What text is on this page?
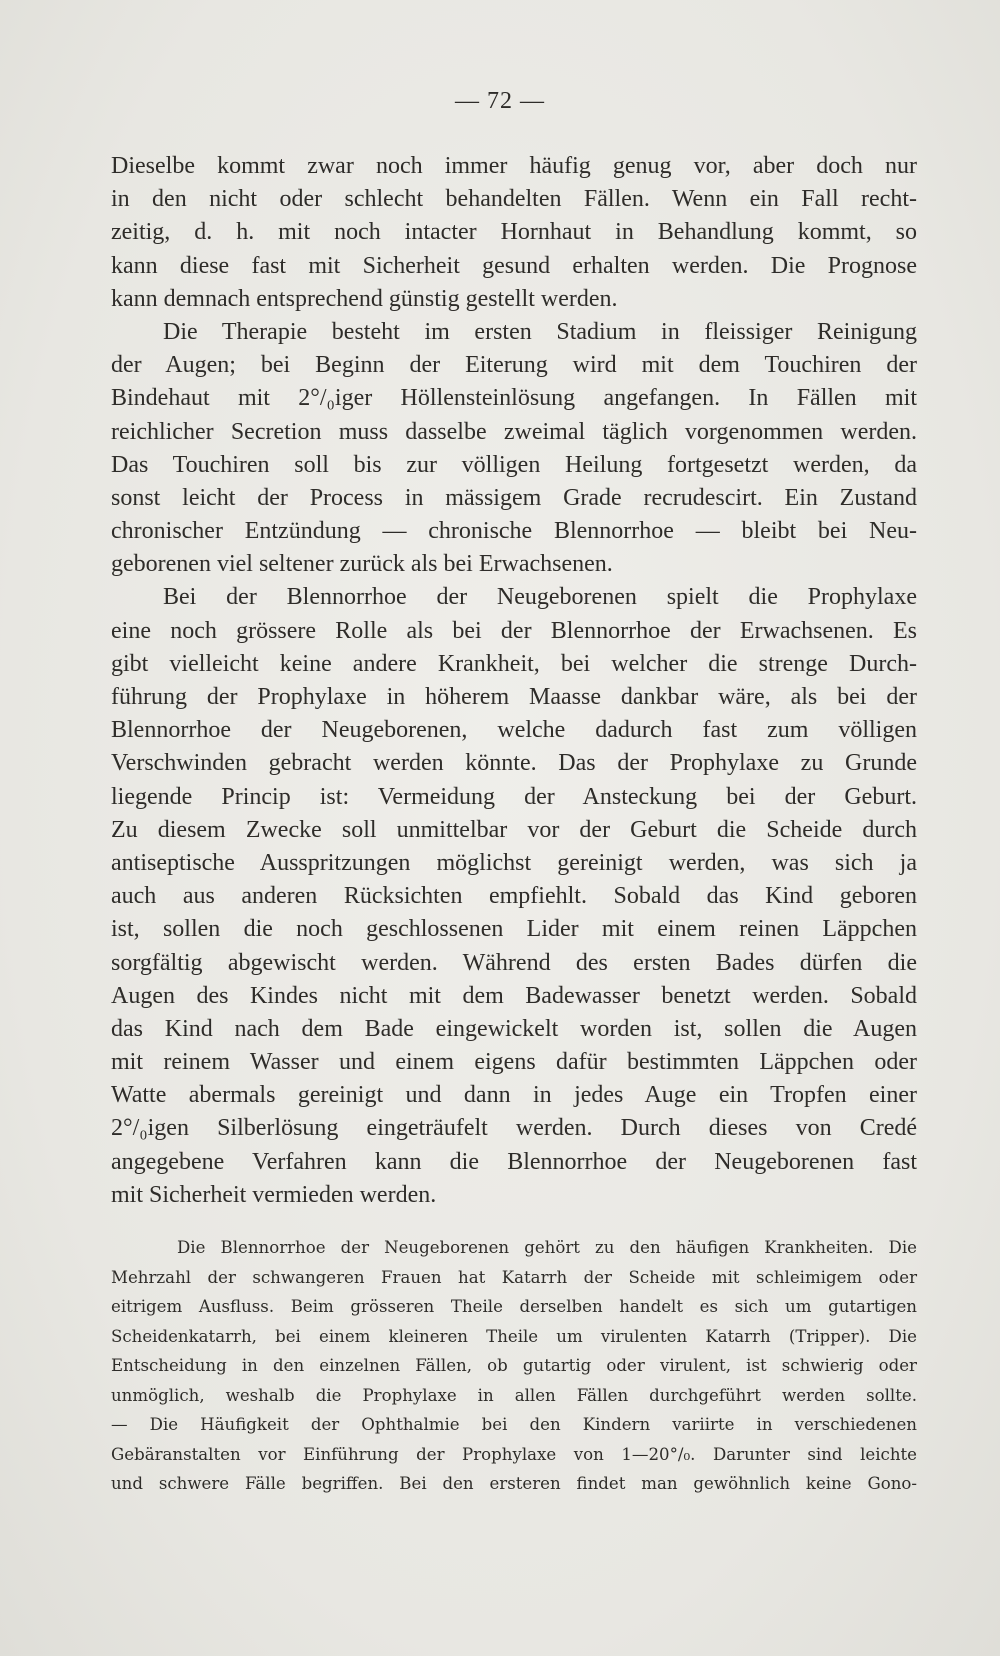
— 72 —
Dieselbe kommt zwar noch immer häufig genug vor, aber doch nur
in den nicht oder schlecht behandelten Fällen. Wenn ein Fall recht-
zeitig, d. h. mit noch intacter Hornhaut in Behandlung kommt, so
kann diese fast mit Sicherheit gesund erhalten werden. Die Prognose
kann demnach entsprechend günstig gestellt werden.
Die Therapie besteht im ersten Stadium in fleissiger Reinigung
der Augen; bei Beginn der Eiterung wird mit dem Touchiren der
Bindehaut mit 2°/₀iger Höllensteinlösung angefangen. In Fällen mit
reichlicher Secretion muss dasselbe zweimal täglich vorgenommen werden.
Das Touchiren soll bis zur völligen Heilung fortgesetzt werden, da
sonst leicht der Process in mässigem Grade recrudescirt. Ein Zustand
chronischer Entzündung — chronische Blennorrhoe — bleibt bei Neu-
geborenen viel seltener zurück als bei Erwachsenen.
Bei der Blennorrhoe der Neugeborenen spielt die Prophylaxe
eine noch grössere Rolle als bei der Blennorrhoe der Erwachsenen. Es
gibt vielleicht keine andere Krankheit, bei welcher die strenge Durch-
führung der Prophylaxe in höherem Maasse dankbar wäre, als bei der
Blennorrhoe der Neugeborenen, welche dadurch fast zum völligen
Verschwinden gebracht werden könnte. Das der Prophylaxe zu Grunde
liegende Princip ist: Vermeidung der Ansteckung bei der Geburt.
Zu diesem Zwecke soll unmittelbar vor der Geburt die Scheide durch
antiseptische Ausspritzungen möglichst gereinigt werden, was sich ja
auch aus anderen Rücksichten empfiehlt. Sobald das Kind geboren
ist, sollen die noch geschlossenen Lider mit einem reinen Läppchen
sorgfältig abgewischt werden. Während des ersten Bades dürfen die
Augen des Kindes nicht mit dem Badewasser benetzt werden. Sobald
das Kind nach dem Bade eingewickelt worden ist, sollen die Augen
mit reinem Wasser und einem eigens dafür bestimmten Läppchen oder
Watte abermals gereinigt und dann in jedes Auge ein Tropfen einer
2°/₀igen Silberlösung eingeträufelt werden. Durch dieses von Credé
angegebene Verfahren kann die Blennorrhoe der Neugeborenen fast
mit Sicherheit vermieden werden.
Die Blennorrhoe der Neugeborenen gehört zu den häufigen Krankheiten. Die
Mehrzahl der schwangeren Frauen hat Katarrh der Scheide mit schleimigem oder
eitrigem Ausfluss. Beim grösseren Theile derselben handelt es sich um gutartigen
Scheidenkatarrh, bei einem kleineren Theile um virulenten Katarrh (Tripper). Die
Entscheidung in den einzelnen Fällen, ob gutartig oder virulent, ist schwierig oder
unmöglich, weshalb die Prophylaxe in allen Fällen durchgeführt werden sollte.
— Die Häufigkeit der Ophthalmie bei den Kindern variirte in verschiedenen
Gebäranstalten vor Einführung der Prophylaxe von 1—20°/₀. Darunter sind leichte
und schwere Fälle begriffen. Bei den ersteren findet man gewöhnlich keine Gono-
